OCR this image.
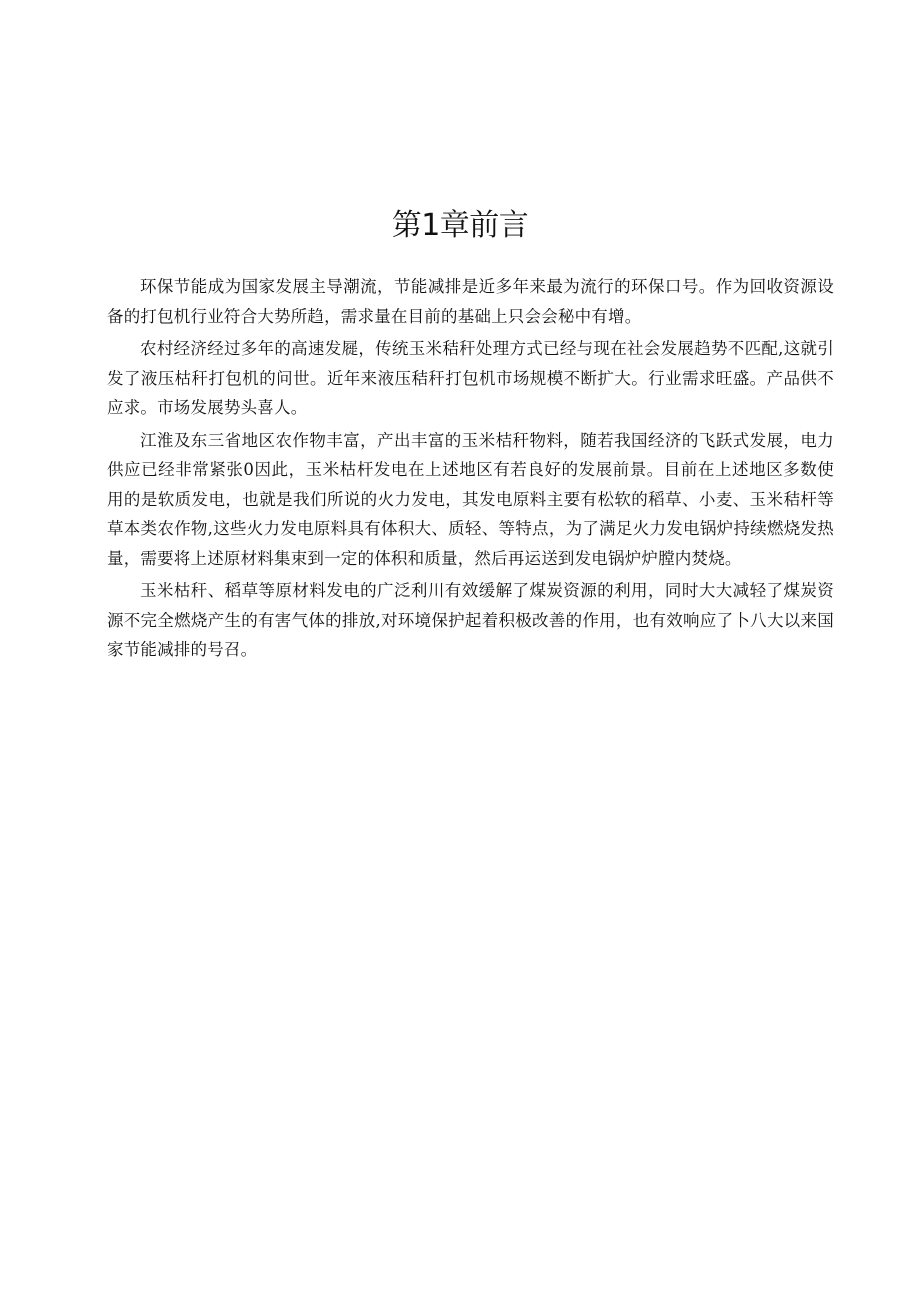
第1章前言

环保节能成为国家发展主导潮流，节能减排是近多年来最为流行的环保口号。作为回收资源设备的打包机行业符合大势所趋，需求量在目前的基础上只会会秘中有增。

农村经济经过多年的高速发屣，传统玉米秸秆处理方式已经与现在社会发展趋势不匹配,这就引发了液压枯秆打包机的问世。近年来液压秸秆打包机市场规模不断扩大。行业需求旺盛。产品供不应求。市场发展势头喜人。

江淮及东三省地区农作物丰富，产出丰富的玉米桔秆物料，随若我国经济的飞跃式发展，电力供应已经非常紧张0因此，玉米枯杆发电在上述地区有若良好的发展前景。目前在上述地区多数使用的是软质发电，也就是我们所说的火力发电，其发电原料主要有松软的稻草、小麦、玉米秸杆等草本类农作物,这些火力发电原料具有体积大、质轻、等特点，为了满足火力发电锅炉持续燃烧发热量，需要将上述原材料集束到一定的体积和质量，然后再运送到发电锅炉炉膛内焚烧。

玉米枯秆、稻草等原材料发电的广泛利川有效缓解了煤炭资源的利用，同时大大减轻了煤炭资源不完全燃烧产生的有害气体的排放,对环境保护起着积极改善的作用，也有效响应了卜八大以来国家节能减排的号召。
